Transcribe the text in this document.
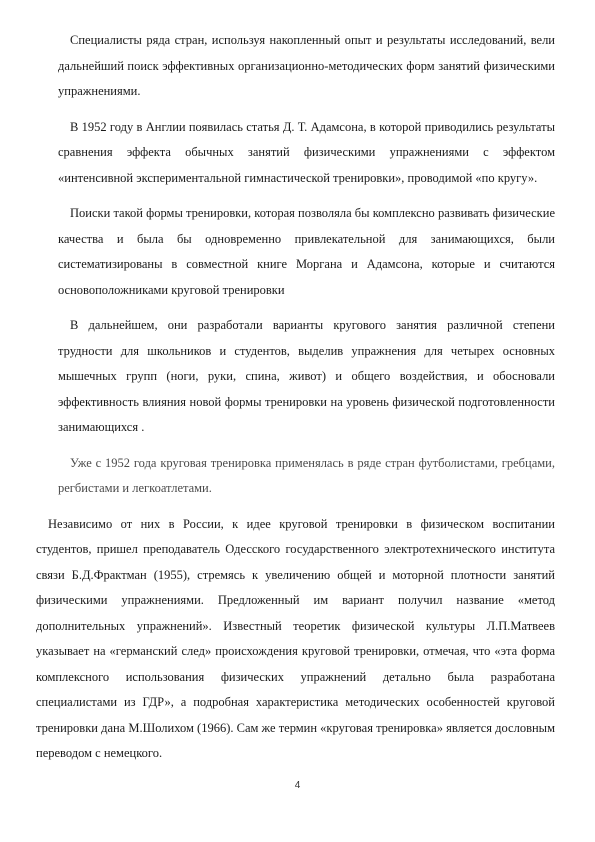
Специалисты ряда стран, используя накопленный опыт и результаты исследований, вели дальнейший поиск эффективных организационно-методических форм занятий физическими упражнениями.

В 1952 году в Англии появилась статья Д. Т. Адамсона, в которой приводились результаты сравнения эффекта обычных занятий физическими упражнениями с эффектом «интенсивной экспериментальной гимнастической тренировки», проводимой «по кругу».

Поиски такой формы тренировки, которая позволяла бы комплексно развивать физические качества и была бы одновременно привлекательной для занимающихся, были систематизированы в совместной книге Моргана и Адамсона, которые и считаются основоположниками круговой тренировки

В дальнейшем, они разработали варианты кругового занятия различной степени трудности для школьников и студентов, выделив упражнения для четырех основных мышечных групп (ноги, руки, спина, живот) и общего воздействия, и обосновали эффективность влияния новой формы тренировки на уровень физической подготовленности занимающихся .

Уже с 1952 года круговая тренировка применялась в ряде стран футболистами, гребцами, регбистами и легкоатлетами.

Независимо от них в России, к идее круговой тренировки в физическом воспитании студентов, пришел преподаватель Одесского государственного электротехнического института связи Б.Д.Фрактман (1955), стремясь к увеличению общей и моторной плотности занятий физическими упражнениями. Предложенный им вариант получил название «метод дополнительных упражнений». Известный теоретик физической культуры Л.П.Матвеев указывает на «германский след» происхождения круговой тренировки, отмечая, что «эта форма комплексного использования физических упражнений детально была разработана специалистами из ГДР», а подробная характеристика методических особенностей круговой тренировки дана М.Шолихом (1966). Сам же термин «круговая тренировка» является дословным переводом с немецкого.

4
